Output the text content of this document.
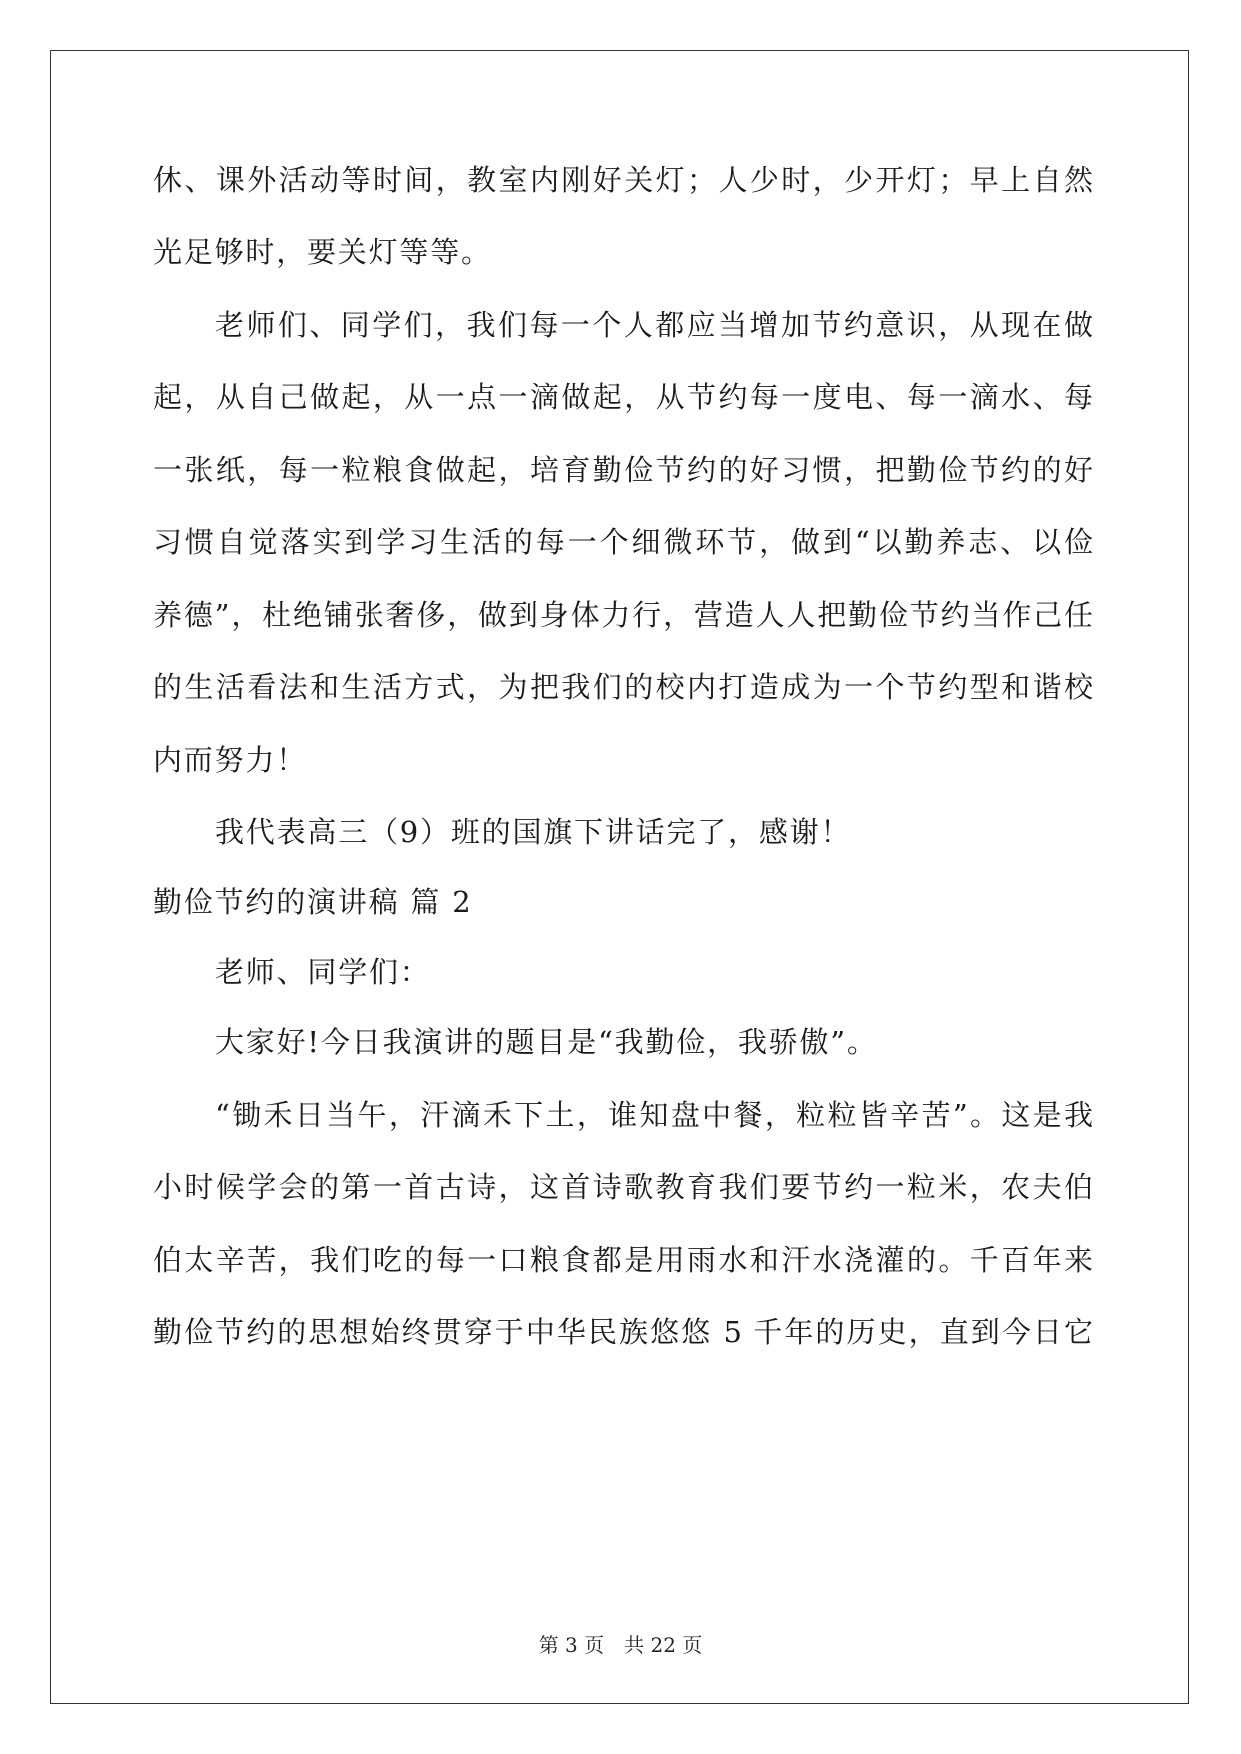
休、课外活动等时间，教室内刚好关灯；人少时，少开灯；早上自然
光足够时，要关灯等等。
老师们、同学们，我们每一个人都应当增加节约意识，从现在做
起，从自己做起，从一点一滴做起，从节约每一度电、每一滴水、每
一张纸，每一粒粮食做起，培育勤俭节约的好习惯，把勤俭节约的好
习惯自觉落实到学习生活的每一个细微环节，做到“以勤养志、以俭
养德”，杜绝铺张奢侈，做到身体力行，营造人人把勤俭节约当作己任
的生活看法和生活方式，为把我们的校内打造成为一个节约型和谐校
内而努力！
我代表高三（9）班的国旗下讲话完了，感谢！
勤俭节约的演讲稿 篇 2
老师、同学们：
大家好!今日我演讲的题目是“我勤俭，我骄傲”。
“锄禾日当午，汗滴禾下土，谁知盘中餐，粒粒皆辛苦”。这是我
小时候学会的第一首古诗，这首诗歌教育我们要节约一粒米，农夫伯
伯太辛苦，我们吃的每一口粮食都是用雨水和汗水浇灌的。千百年来
勤俭节约的思想始终贯穿于中华民族悠悠 5 千年的历史，直到今日它
第 3 页 共 22 页
